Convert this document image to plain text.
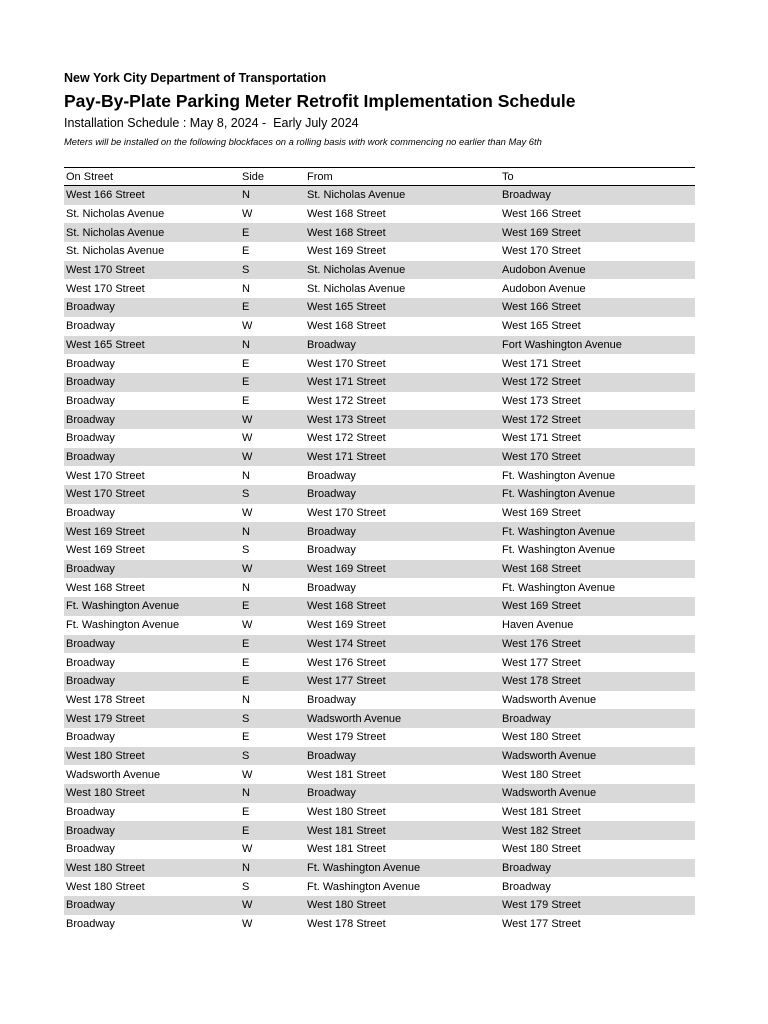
New York City Department of Transportation
Pay-By-Plate Parking Meter Retrofit Implementation Schedule
Installation Schedule : May 8, 2024 -  Early July 2024
Meters will be installed on the following blockfaces on a rolling basis with work commencing no earlier than May 6th
On Street	Side	From	To
West 166 Street	N	St. Nicholas Avenue	Broadway
St. Nicholas Avenue	W	West 168 Street	West 166 Street
St. Nicholas Avenue	E	West 168 Street	West 169 Street
St. Nicholas Avenue	E	West 169 Street	West 170 Street
West 170 Street	S	St. Nicholas Avenue	Audobon Avenue
West 170 Street	N	St. Nicholas Avenue	Audobon Avenue
Broadway	E	West 165 Street	West 166 Street
Broadway	W	West 168 Street	West 165 Street
West 165 Street	N	Broadway	Fort Washington Avenue
Broadway	E	West 170 Street	West 171 Street
Broadway	E	West 171 Street	West 172 Street
Broadway	E	West 172 Street	West 173 Street
Broadway	W	West 173 Street	West 172 Street
Broadway	W	West 172 Street	West 171 Street
Broadway	W	West 171 Street	West 170 Street
West 170 Street	N	Broadway	Ft. Washington Avenue
West 170 Street	S	Broadway	Ft. Washington Avenue
Broadway	W	West 170 Street	West 169 Street
West 169 Street	N	Broadway	Ft. Washington Avenue
West 169 Street	S	Broadway	Ft. Washington Avenue
Broadway	W	West 169 Street	West 168 Street
West 168 Street	N	Broadway	Ft. Washington Avenue
Ft. Washington Avenue	E	West 168 Street	West 169 Street
Ft. Washington Avenue	W	West 169 Street	Haven Avenue
Broadway	E	West 174 Street	West 176 Street
Broadway	E	West 176 Street	West 177 Street
Broadway	E	West 177 Street	West 178 Street
West 178 Street	N	Broadway	Wadsworth Avenue
West 179 Street	S	Wadsworth Avenue	Broadway
Broadway	E	West 179 Street	West 180 Street
West 180 Street	S	Broadway	Wadsworth Avenue
Wadsworth Avenue	W	West 181 Street	West 180 Street
West 180 Street	N	Broadway	Wadsworth Avenue
Broadway	E	West 180 Street	West 181 Street
Broadway	E	West 181 Street	West 182 Street
Broadway	W	West 181 Street	West 180 Street
West 180 Street	N	Ft. Washington Avenue	Broadway
West 180 Street	S	Ft. Washington Avenue	Broadway
Broadway	W	West 180 Street	West 179 Street
Broadway	W	West 178 Street	West 177 Street
